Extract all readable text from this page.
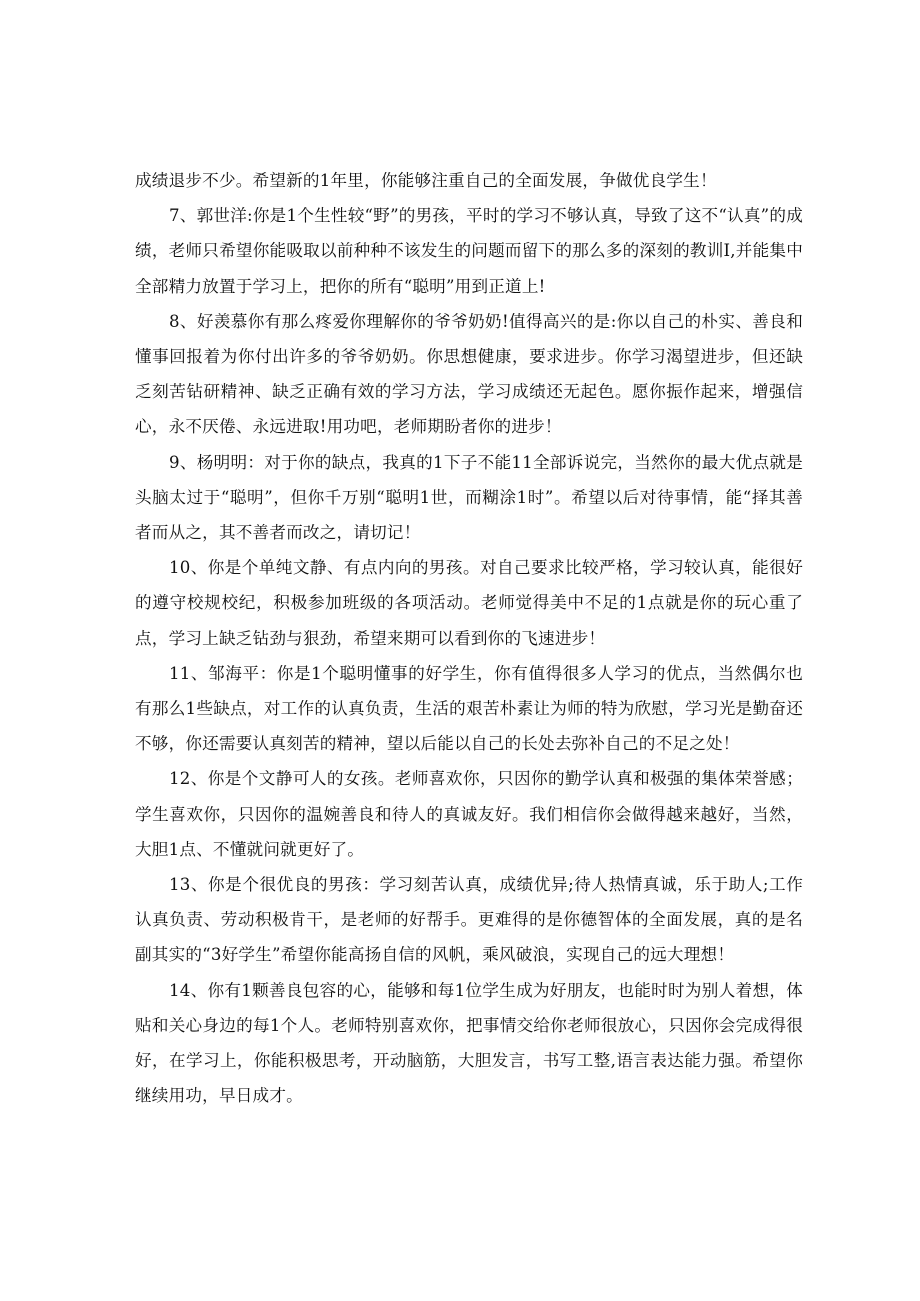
成绩退步不少。希望新的1年里，你能够注重自己的全面发展，争做优良学生！

7、郭世洋:你是1个生性较“野”的男孩，平时的学习不够认真，导致了这不“认真”的成绩，老师只希望你能吸取以前种种不该发生的问题而留下的那么多的深刻的教训I,并能集中全部精力放置于学习上，把你的所有“聪明”用到正道上!

8、好羡慕你有那么疼爱你理解你的爷爷奶奶!值得高兴的是:你以自己的朴实、善良和懂事回报着为你付出许多的爷爷奶奶。你思想健康，要求进步。你学习渴望进步，但还缺乏刻苦钻研精神、缺乏正确有效的学习方法，学习成绩还无起色。愿你振作起来，增强信心，永不厌倦、永远进取!用功吧，老师期盼者你的进步！

9、杨明明：对于你的缺点，我真的1下子不能11全部诉说完，当然你的最大优点就是头脑太过于“聪明”，但你千万别“聪明1世，而糊涂1时”。希望以后对待事情，能“择其善者而从之，其不善者而改之，请切记！

10、你是个单纯文静、有点内向的男孩。对自己要求比较严格，学习较认真，能很好的遵守校规校纪，积极参加班级的各项活动。老师觉得美中不足的1点就是你的玩心重了点，学习上缺乏钻劲与狠劲，希望来期可以看到你的飞速进步！

11、邹海平：你是1个聪明懂事的好学生，你有值得很多人学习的优点，当然偶尔也有那么1些缺点，对工作的认真负责，生活的艰苦朴素让为师的特为欣慰，学习光是勤奋还不够，你还需要认真刻苦的精神，望以后能以自己的长处去弥补自己的不足之处！

12、你是个文静可人的女孩。老师喜欢你，只因你的勤学认真和极强的集体荣誉感；学生喜欢你，只因你的温婉善良和待人的真诚友好。我们相信你会做得越来越好，当然，大胆1点、不懂就问就更好了。

13、你是个很优良的男孩：学习刻苦认真，成绩优异;待人热情真诚，乐于助人;工作认真负责、劳动积极肯干，是老师的好帮手。更难得的是你德智体的全面发展，真的是名副其实的“3好学生”希望你能高扬自信的风帆，乘风破浪，实现自己的远大理想！

14、你有1颗善良包容的心，能够和每1位学生成为好朋友，也能时时为别人着想，体贴和关心身边的每1个人。老师特别喜欢你，把事情交给你老师很放心，只因你会完成得很好，在学习上，你能积极思考，开动脑筋，大胆发言，书写工整,语言表达能力强。希望你继续用功，早日成才。
